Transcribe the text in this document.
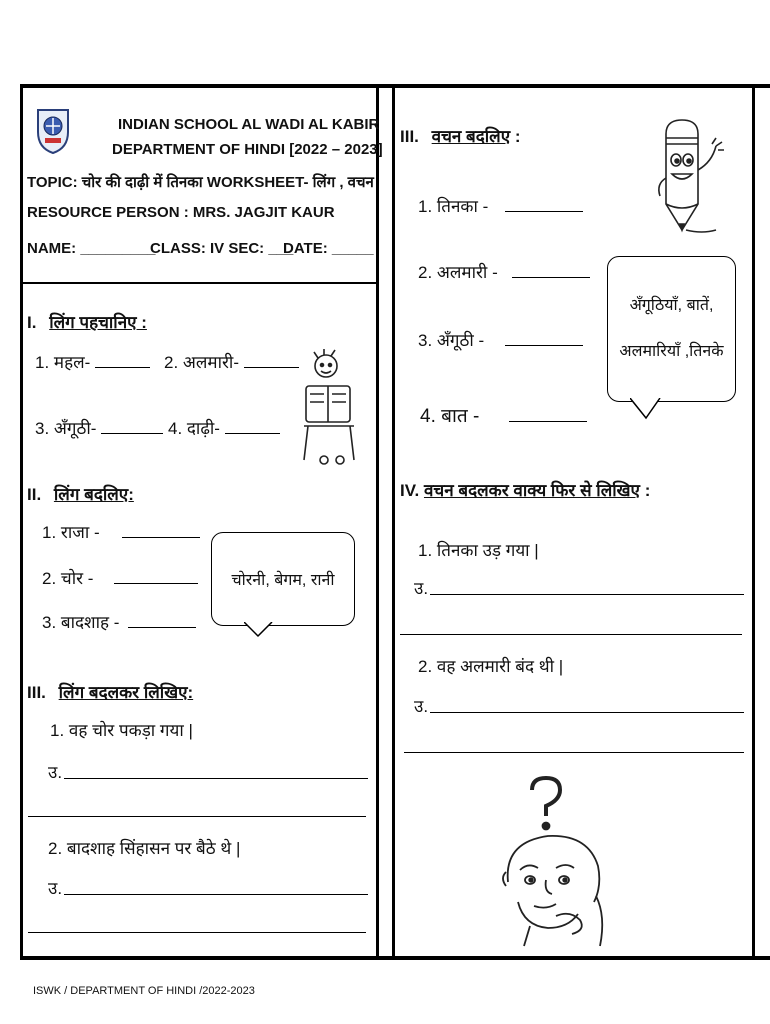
INDIAN SCHOOL AL WADI AL KABIR
DEPARTMENT OF HINDI [2022 – 2023]
TOPIC: चोर की दाढ़ी में तिनका WORKSHEET- लिंग , वचन
RESOURCE PERSON : MRS. JAGJIT KAUR
NAME: _________
CLASS: IV SEC: ___
DATE: _____
I. लिंग पहचानिए :
1. महल-	2. अलमारी-
3. अँगूठी-	4. दाढ़ी-
II. लिंग बदलिए:
1. राजा -
2. चोर -
3. बादशाह -
चोरनी, बेगम, रानी
III. लिंग बदलकर लिखिए:
1. वह चोर पकड़ा गया |
उ.
2. बादशाह सिंहासन पर बैठे थे |
उ.
III. वचन बदलिए :
1. तिनका -
2. अलमारी -
3. अँगूठी -
4. बात -
अँगूठियाँ, बातें,
अलमारियाँ ,तिनके
IV. वचन बदलकर वाक्य फिर से लिखिए :
1. तिनका उड़ गया |
उ.
2. वह अलमारी बंद थी |
उ.
ISWK / DEPARTMENT OF HINDI /2022-2023
